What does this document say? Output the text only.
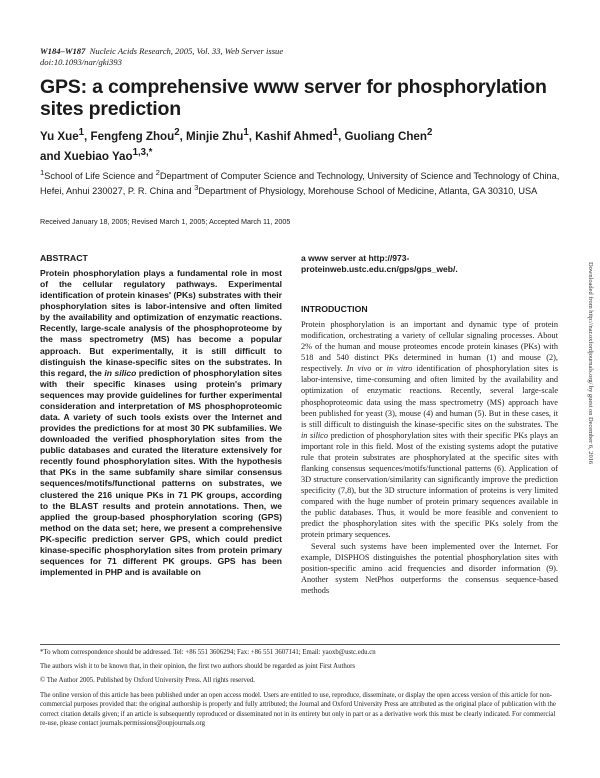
W184–W187 Nucleic Acids Research, 2005, Vol. 33, Web Server issue
doi:10.1093/nar/gki393
GPS: a comprehensive www server for phosphorylation sites prediction
Yu Xue$^1$, Fengfeng Zhou$^2$, Minjie Zhu$^1$, Kashif Ahmed$^1$, Guoliang Chen$^2$
and Xuebiao Yao$^{1,3,*}$
$^1$School of Life Science and $^2$Department of Computer Science and Technology, University of Science and Technology of China, Hefei, Anhui 230027, P. R. China and $^3$Department of Physiology, Morehouse School of Medicine, Atlanta, GA 30310, USA
Received January 18, 2005; Revised March 1, 2005; Accepted March 11, 2005
ABSTRACT
Protein phosphorylation plays a fundamental role in most of the cellular regulatory pathways. Experimental identification of protein kinases' (PKs) substrates with their phosphorylation sites is labor-intensive and often limited by the availability and optimization of enzymatic reactions. Recently, large-scale analysis of the phosphoproteome by the mass spectrometry (MS) has become a popular approach. But experimentally, it is still difficult to distinguish the kinase-specific sites on the substrates. In this regard, the in silico prediction of phosphorylation sites with their specific kinases using protein's primary sequences may provide guidelines for further experimental consideration and interpretation of MS phosphoproteomic data. A variety of such tools exists over the Internet and provides the predictions for at most 30 PK subfamilies. We downloaded the verified phosphorylation sites from the public databases and curated the literature extensively for recently found phosphorylation sites. With the hypothesis that PKs in the same subfamily share similar consensus sequences/motifs/functional patterns on substrates, we clustered the 216 unique PKs in 71 PK groups, according to the BLAST results and protein annotations. Then, we applied the group-based phosphorylation scoring (GPS) method on the data set; here, we present a comprehensive PK-specific prediction server GPS, which could predict kinase-specific phosphorylation sites from protein primary sequences for 71 different PK groups. GPS has been implemented in PHP and is available on
a www server at http://973-proteinweb.ustc.edu.cn/gps/gps_web/.
INTRODUCTION

Protein phosphorylation is an important and dynamic type of protein modification, orchestrating a variety of cellular signaling processes. About 2% of the human and mouse proteomes encode protein kinases (PKs) with 518 and 540 distinct PKs determined in human (1) and mouse (2), respectively. In vivo or in vitro identification of phosphorylation sites is labor-intensive, time-consuming and often limited by the availability and optimization of enzymatic reactions. Recently, several large-scale phosphoproteomic data using the mass spectrometry (MS) approach have been published for yeast (3), mouse (4) and human (5). But in these cases, it is still difficult to distinguish the kinase-specific sites on the substrates. The in silico prediction of phosphorylation sites with their specific PKs plays an important role in this field. Most of the existing systems adopt the putative rule that protein substrates are phosphorylated at the specific sites with flanking consensus sequences/motifs/functional patterns (6). Application of 3D structure conservation/similarity can significantly improve the prediction specificity (7,8), but the 3D structure information of proteins is very limited compared with the huge number of protein primary sequences available in the public databases. Thus, it would be more feasible and convenient to predict the phosphorylation sites with the specific PKs solely from the protein primary sequences.

Several such systems have been implemented over the Internet. For example, DISPHOS distinguishes the potential phosphorylation sites with position-specific amino acid frequencies and disorder information (9). Another system NetPhos outperforms the consensus sequence-based methods

*To whom correspondence should be addressed. Tel: +86 551 3606294; Fax: +86 551 3607141; Email: yaoxb@ustc.edu.cn

The authors wish it to be known that, in their opinion, the first two authors should be regarded as joint First Authors

© The Author 2005. Published by Oxford University Press. All rights reserved.

The online version of this article has been published under an open access model. Users are entitled to use, reproduce, disseminate, or display the open access version of this article for non-commercial purposes provided that: the original authorship is properly and fully attributed; the Journal and Oxford University Press are attributed as the original place of publication with the correct citation details given; if an article is subsequently reproduced or disseminated not in its entirety but only in part or as a derivative work this must be clearly indicated. For commercial re-use, please contact journals.permissions@oupjournals.org

Downloaded from http://nar.oxfordjournals.org/ by guest on December 6, 2016
